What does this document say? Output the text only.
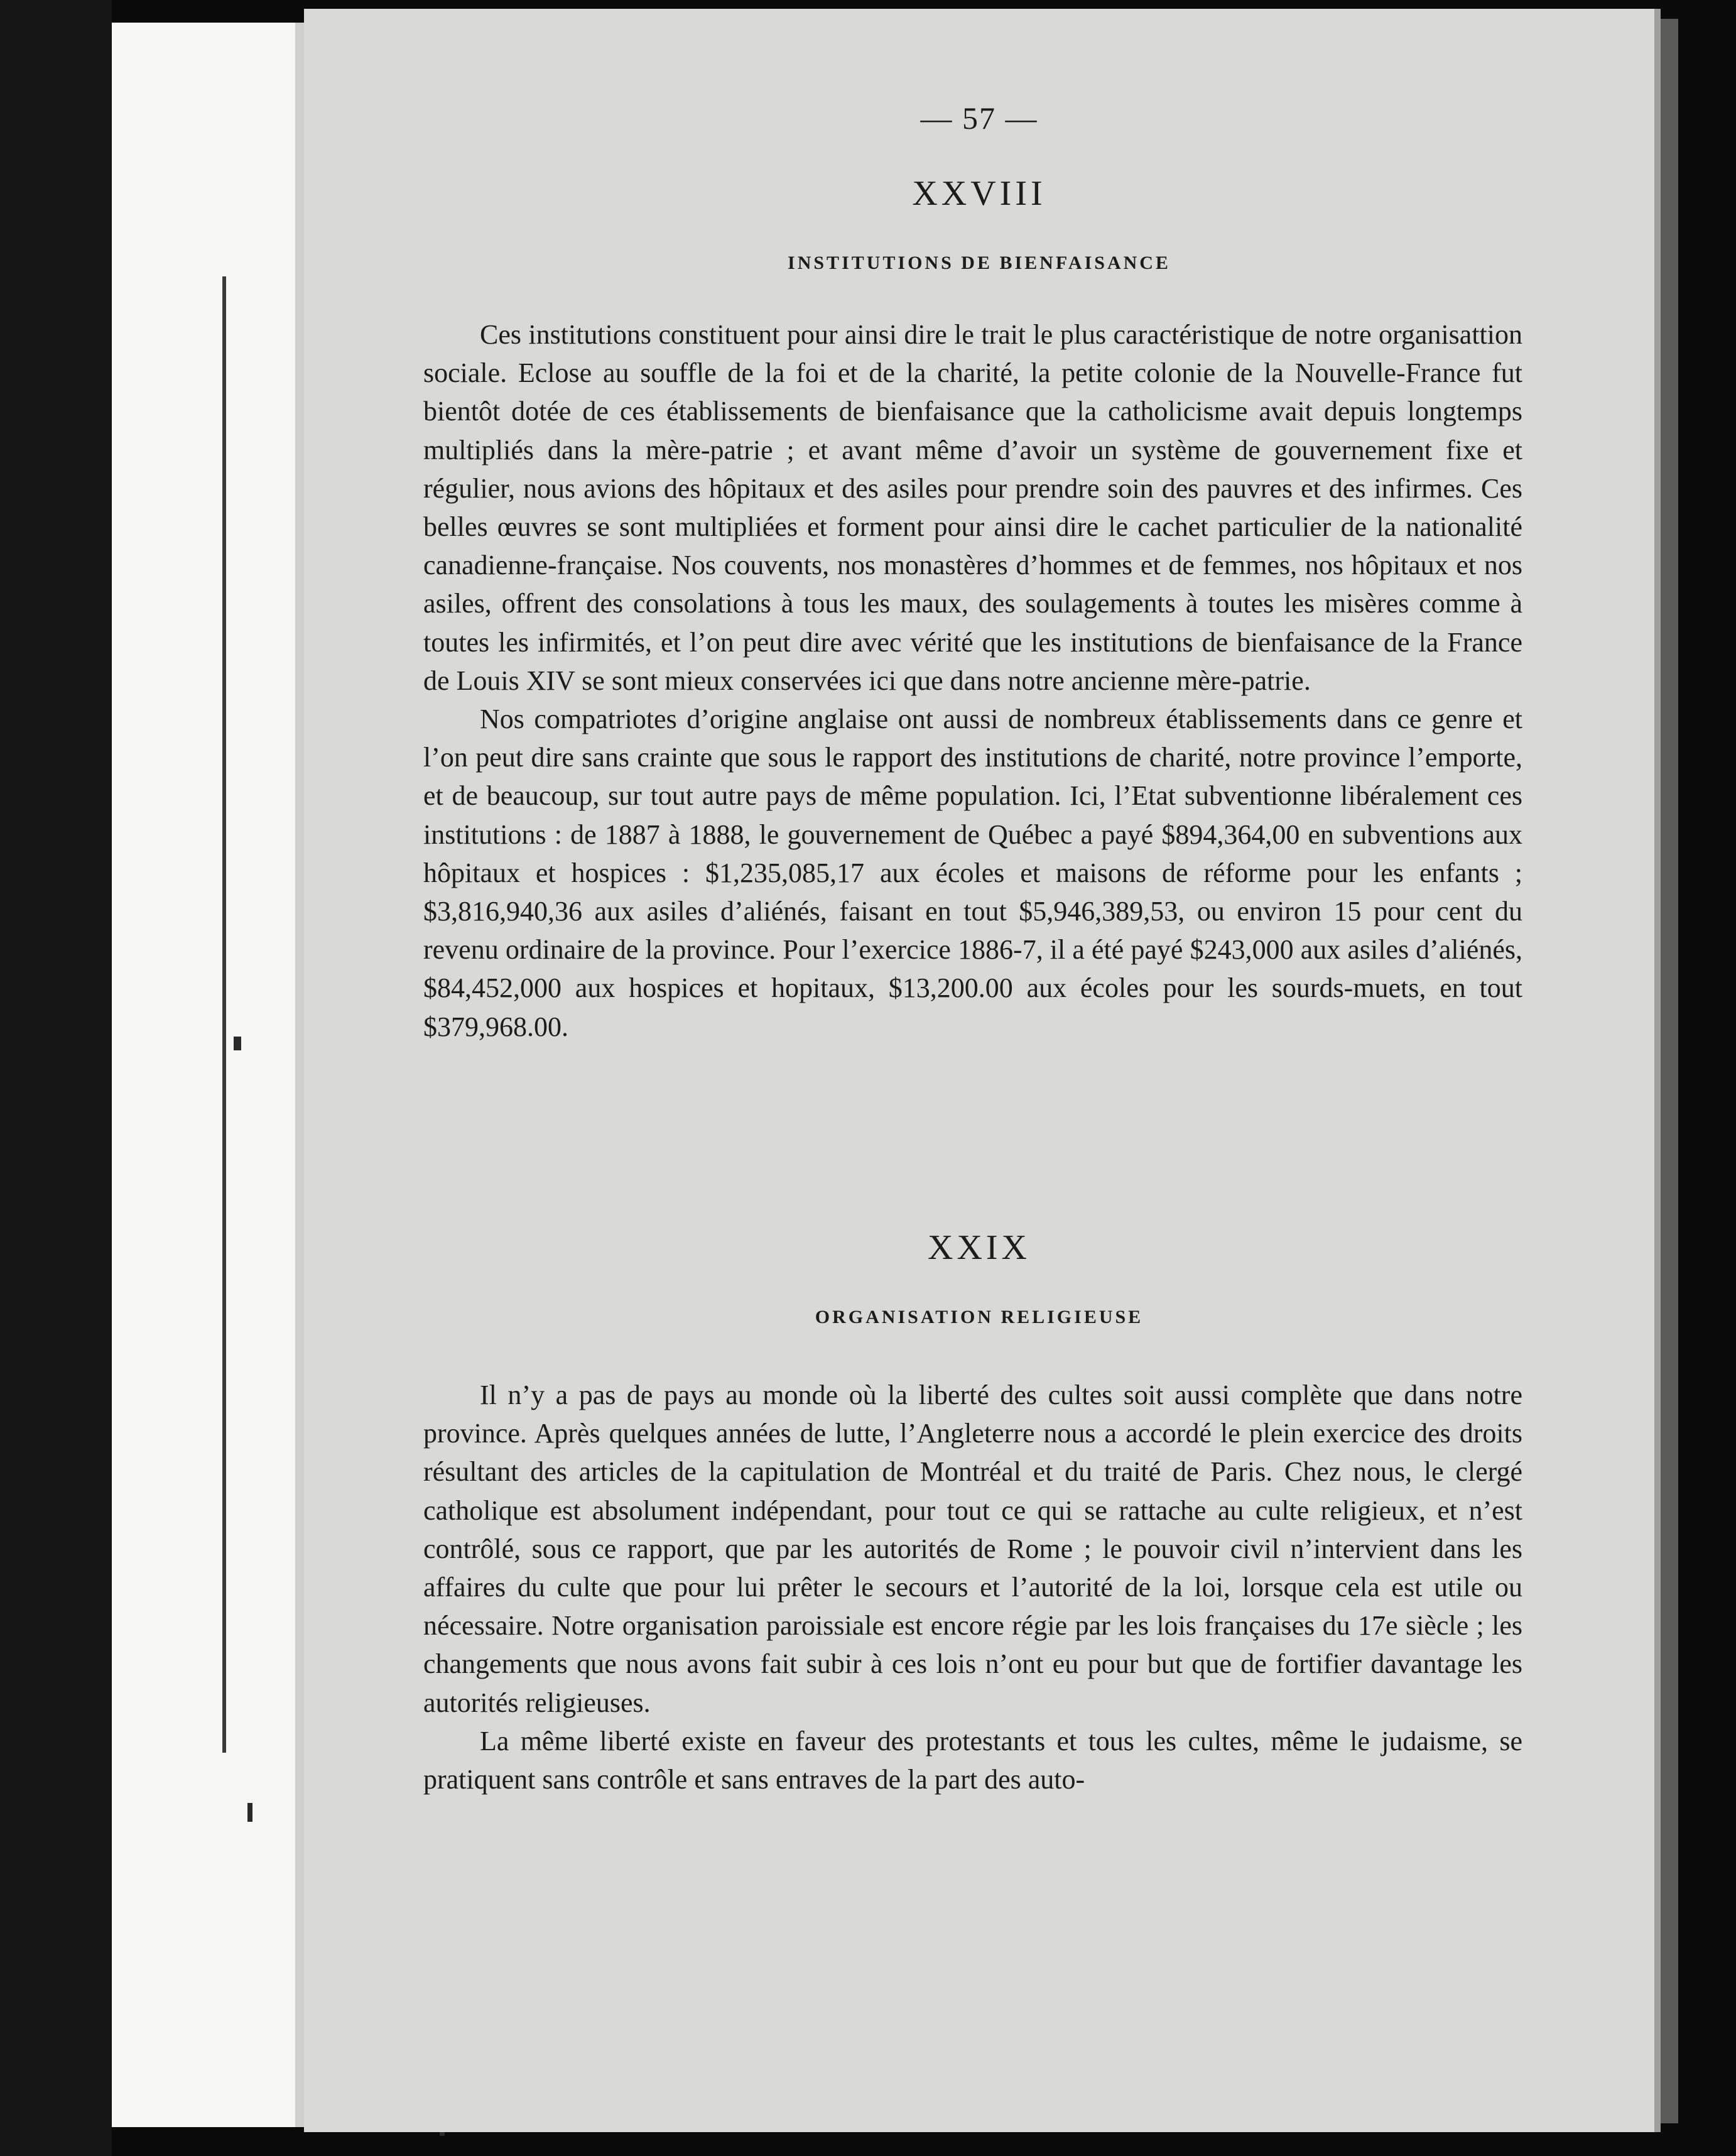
— 57 —
XXVIII
INSTITUTIONS DE BIENFAISANCE

Ces institutions constituent pour ainsi dire le trait le plus caractéristique de notre organisattion sociale. Eclose au souffle de la foi et de la charité, la petite colonie de la Nouvelle-France fut bientôt dotée de ces établissements de bienfaisance que la catholicisme avait depuis longtemps multipliés dans la mère-patrie ; et avant même d’avoir un système de gouvernement fixe et régulier, nous avions des hôpitaux et des asiles pour prendre soin des pauvres et des infirmes. Ces belles œuvres se sont multipliées et forment pour ainsi dire le cachet particulier de la nationalité canadienne-française. Nos couvents, nos monastères d’hommes et de femmes, nos hôpitaux et nos asiles, offrent des consolations à tous les maux, des soulagements à toutes les misères comme à toutes les infirmités, et l’on peut dire avec vérité que les institutions de bienfaisance de la France de Louis XIV se sont mieux conservées ici que dans notre ancienne mère-patrie.

Nos compatriotes d’origine anglaise ont aussi de nombreux établissements dans ce genre et l’on peut dire sans crainte que sous le rapport des institutions de charité, notre province l’emporte, et de beaucoup, sur tout autre pays de même population. Ici, l’Etat subventionne libéralement ces institutions : de 1887 à 1888, le gouvernement de Québec a payé $894,364,00 en subventions aux hôpitaux et hospices : $1,235,085,17 aux écoles et maisons de réforme pour les enfants ; $3,816,940,36 aux asiles d’aliénés, faisant en tout $5,946,389,53, ou environ 15 pour cent du revenu ordinaire de la province. Pour l’exercice 1886-7, il a été payé $243,000 aux asiles d’aliénés, $84,452,000 aux hospices et hopitaux, $13,200.00 aux écoles pour les sourds-muets, en tout $379,968.00.

XXIX
ORGANISATION RELIGIEUSE

Il n’y a pas de pays au monde où la liberté des cultes soit aussi complète que dans notre province. Après quelques années de lutte, l’Angleterre nous a accordé le plein exercice des droits résultant des articles de la capitulation de Montréal et du traité de Paris. Chez nous, le clergé catholique est absolument indépendant, pour tout ce qui se rattache au culte religieux, et n’est contrôlé, sous ce rapport, que par les autorités de Rome ; le pouvoir civil n’intervient dans les affaires du culte que pour lui prêter le secours et l’autorité de la loi, lorsque cela est utile ou nécessaire. Notre organisation paroissiale est encore régie par les lois françaises du 17e siècle ; les changements que nous avons fait subir à ces lois n’ont eu pour but que de fortifier davantage les autorités religieuses.

La même liberté existe en faveur des protestants et tous les cultes, même le judaisme, se pratiquent sans contrôle et sans entraves de la part des auto-
